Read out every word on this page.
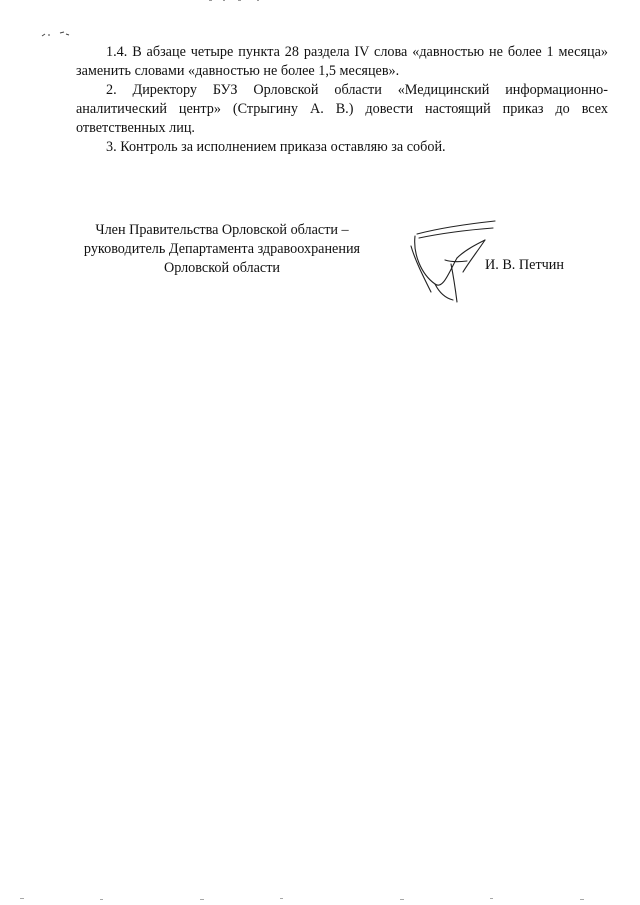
1.4. В абзаце четыре пункта 28 раздела IV слова «давностью не более 1 месяца» заменить словами «давностью не более 1,5 месяцев».

2. Директору БУЗ Орловской области «Медицинский информационно-аналитический центр» (Стрыгину А. В.) довести настоящий приказ до всех ответственных лиц.

3. Контроль за исполнением приказа оставляю за собой.

Член Правительства Орловской области –
руководитель Департамента здравоохранения
Орловской области	И. В. Петчин
